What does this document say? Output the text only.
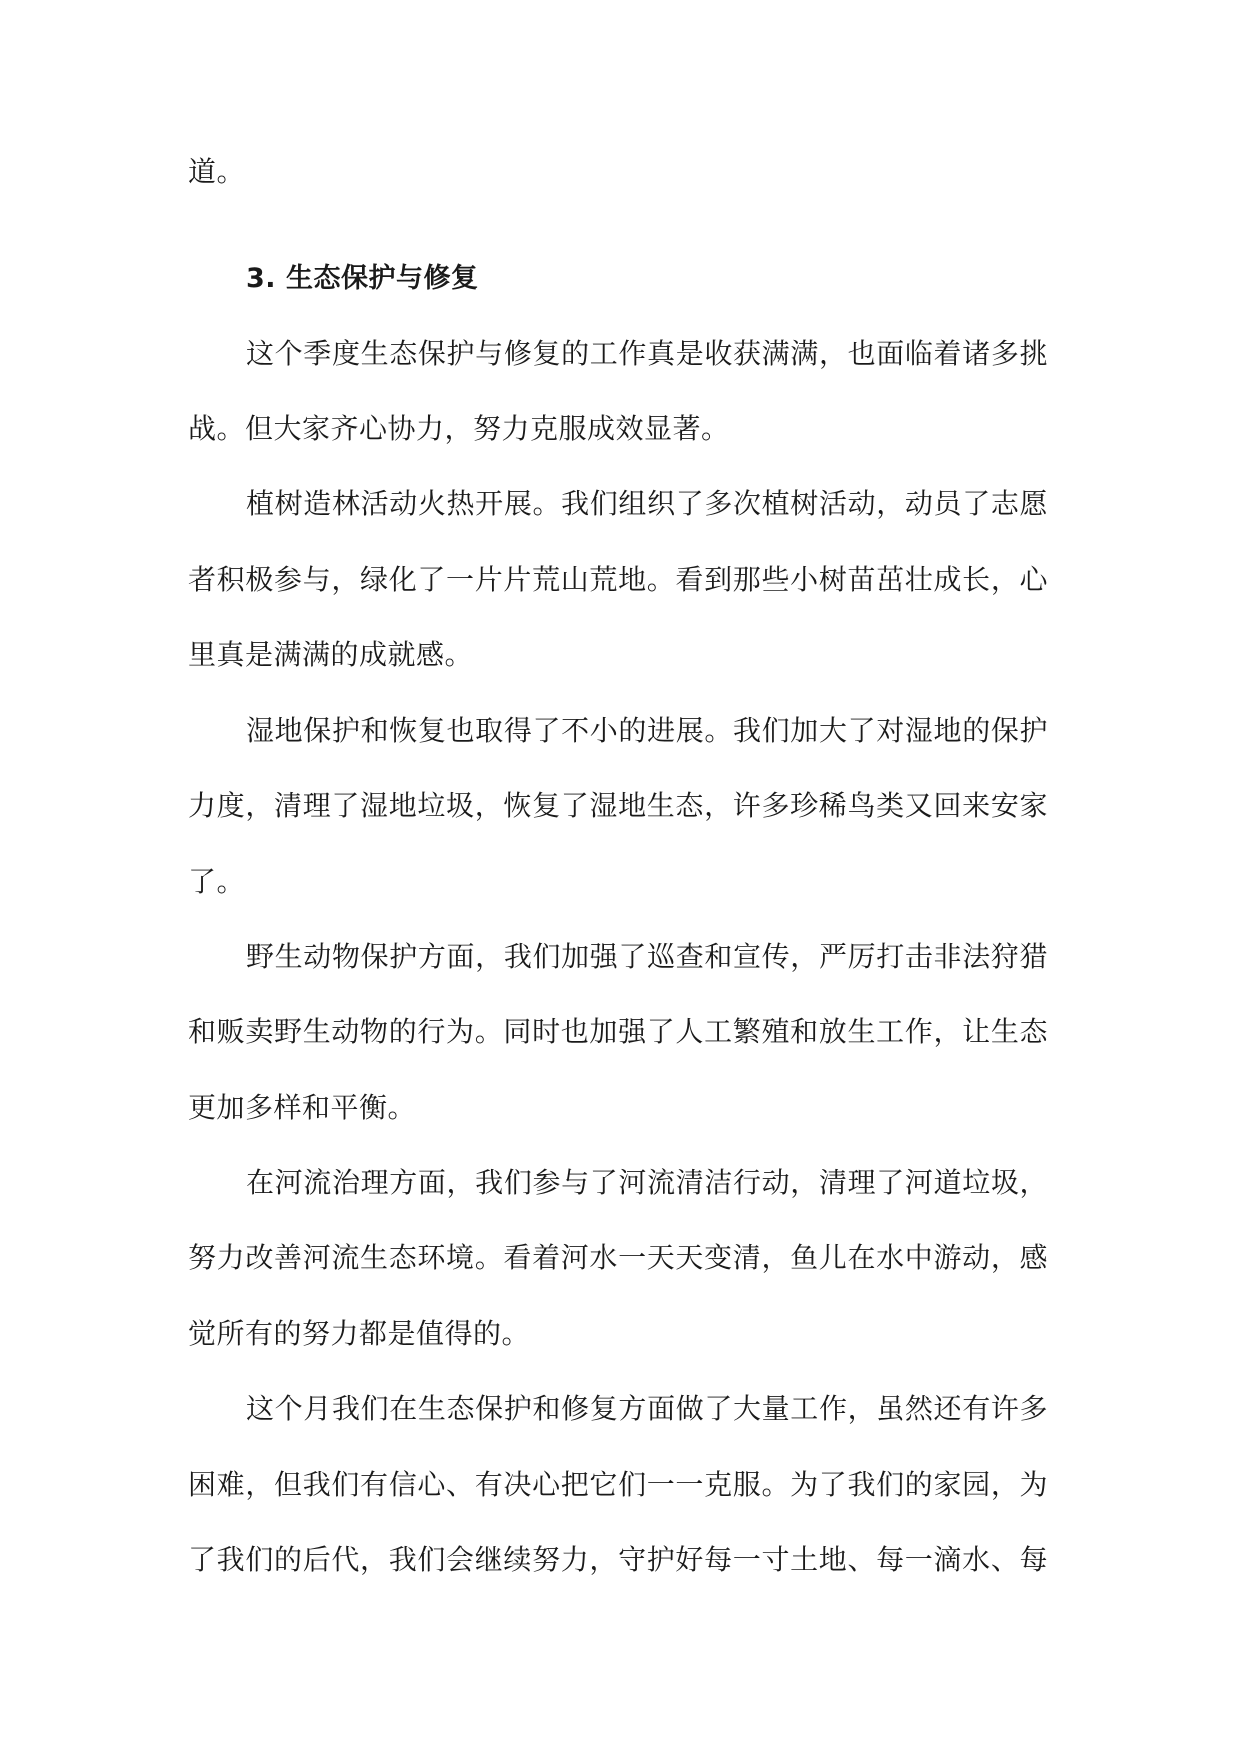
道。
3. 生态保护与修复
这个季度生态保护与修复的工作真是收获满满，也面临着诸多挑
战。但大家齐心协力，努力克服成效显著。
植树造林活动火热开展。我们组织了多次植树活动，动员了志愿
者积极参与，绿化了一片片荒山荒地。看到那些小树苗茁壮成长，心
里真是满满的成就感。
湿地保护和恢复也取得了不小的进展。我们加大了对湿地的保护
力度，清理了湿地垃圾，恢复了湿地生态，许多珍稀鸟类又回来安家
了。
野生动物保护方面，我们加强了巡查和宣传，严厉打击非法狩猎
和贩卖野生动物的行为。同时也加强了人工繁殖和放生工作，让生态
更加多样和平衡。
在河流治理方面，我们参与了河流清洁行动，清理了河道垃圾，
努力改善河流生态环境。看着河水一天天变清，鱼儿在水中游动，感
觉所有的努力都是值得的。
这个月我们在生态保护和修复方面做了大量工作，虽然还有许多
困难，但我们有信心、有决心把它们一一克服。为了我们的家园，为
了我们的后代，我们会继续努力，守护好每一寸土地、每一滴水、每
